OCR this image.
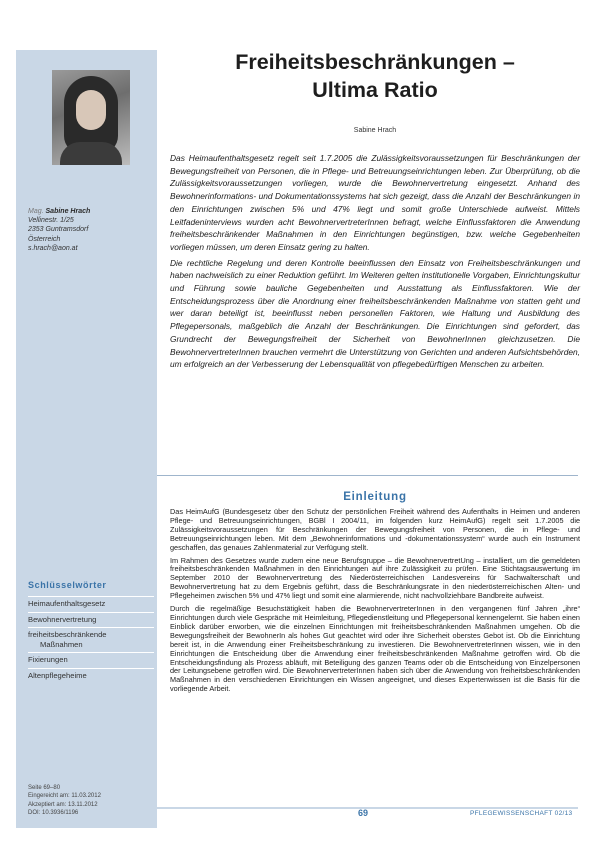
Mag. Sabine Hrach
Vellinestr. 1/25
2353 Guntramsdorf
Österreich
s.hrach@aon.at
Schlüsselwörter
Heimaufenthaltsgesetz
Bewohnervertretung
freiheitsbeschränkende
Maßnahmen
Fixierungen
Altenpflegeheime
Seite 69–80
Eingereicht am: 11.03.2012
Akzeptiert am: 13.11.2012
DOI: 10.3936/1196
Freiheitsbeschränkungen –
Ultima Ratio
Sabine Hrach

Das Heimaufenthaltsgesetz regelt seit 1.7.2005 die Zulässigkeitsvoraussetzungen für Beschränkungen der Bewegungsfreiheit von Personen, die in Pflege- und Betreuungseinrichtungen leben. Zur Überprüfung, ob die Zulässigkeitsvoraussetzungen vorliegen, wurde die Bewohnervertretung eingesetzt. Anhand des Bewohnerinformations- und Dokumentationssystems hat sich gezeigt, dass die Anzahl der Beschränkungen in den Einrichtungen zwischen 5% und 47% liegt und somit große Unterschiede aufweist. Mittels Leitfadeninterviews wurden acht BewohnervertreterInnen befragt, welche Einflussfaktoren die Anwendung freiheitsbeschränkender Maßnahmen in den Einrichtungen begünstigen, bzw. welche Gegebenheiten vorliegen müssen, um deren Einsatz gering zu halten.

Die rechtliche Regelung und deren Kontrolle beeinflussen den Einsatz von Freiheitsbeschränkungen und haben nachweislich zu einer Reduktion geführt. Im Weiteren gelten institutionelle Vorgaben, Einrichtungskultur und Führung sowie bauliche Gegebenheiten und Ausstattung als Einflussfaktoren. Wie der Entscheidungsprozess über die Anordnung einer freiheitsbeschränkenden Maßnahme von statten geht und wer daran beteiligt ist, beeinflusst neben personellen Faktoren, wie Haltung und Ausbildung des Pflegepersonals, maßgeblich die Anzahl der Beschränkungen. Die Einrichtungen sind gefordert, das Grundrecht der Bewegungsfreiheit der Sicherheit von BewohnerInnen gleichzusetzen. Die BewohnervertreterInnen brauchen vermehrt die Unterstützung von Gerichten und anderen Aufsichtsbehörden, um erfolgreich an der Verbesserung der Lebensqualität von pflegebedürftigen Menschen zu arbeiten.

Einleitung

Das HeimAufG (Bundesgesetz über den Schutz der persönlichen Freiheit während des Aufenthalts in Heimen und anderen Pflege- und Betreuungseinrichtungen, BGBl I 2004/11, im folgenden kurz HeimAufG) regelt seit 1.7.2005 die Zulässigkeitsvoraussetzungen für Beschränkungen der Bewegungsfreiheit von Personen, die in Pflege- und Betreuungseinrichtungen leben. Mit dem „Bewohnerinformations und -dokumentationssystem“ wurde auch ein Instrument geschaffen, das genaues Zahlenmaterial zur Verfügung stellt.

Im Rahmen des Gesetzes wurde zudem eine neue Berufsgruppe – die BewohnervertretUng – installiert, um die gemeldeten freiheitsbeschränkenden Maßnahmen in den Einrichtungen auf ihre Zulässigkeit zu prüfen. Eine Stichtagsauswertung im September 2010 der Bewohnervertretung des Niederösterreichischen Landesvereins für Sachwalterschaft und Bewohnervertretung hat zu dem Ergebnis geführt, dass die Beschränkungsrate in den niederösterreichischen Alten- und Pflegeheimen zwischen 5% und 47% liegt und somit eine alarmierende, nicht nachvollziehbare Bandbreite aufweist.

Durch die regelmäßige Besuchstätigkeit haben die BewohnervertreterInnen in den vergangenen fünf Jahren „ihre“ Einrichtungen durch viele Gespräche mit Heimleitung, Pflegedienstleitung und Pflegepersonal kennengelernt. Sie haben einen Einblick darüber erworben, wie die einzelnen Einrichtungen mit freiheitsbeschränkenden Maßnahmen umgehen. Ob die Bewegungsfreiheit der BewohnerIn als hohes Gut geachtet wird oder ihre Sicherheit oberstes Gebot ist. Ob die Einrichtung bereit ist, in die Anwendung einer Freiheitsbeschränkung zu investieren. Die BewohnervertreterInnen wissen, wie in den Einrichtungen die Entscheidung über die Anwendung einer freiheitsbeschränkenden Maßnahme getroffen wird. Ob die Entscheidungsfindung als Prozess abläuft, mit Beteiligung des ganzen Teams oder ob die Entscheidung von Einzelpersonen der Leitungsebene getroffen wird. Die BewohnervertreterInnen haben sich über die Anwendung von freiheitsbeschränkenden Maßnahmen in den verschiedenen Einrichtungen ein Wissen angeeignet, und dieses Expertenwissen ist die Basis für die vorliegende Arbeit.

69	PFLEGEWISSENSCHAFT 02/13
